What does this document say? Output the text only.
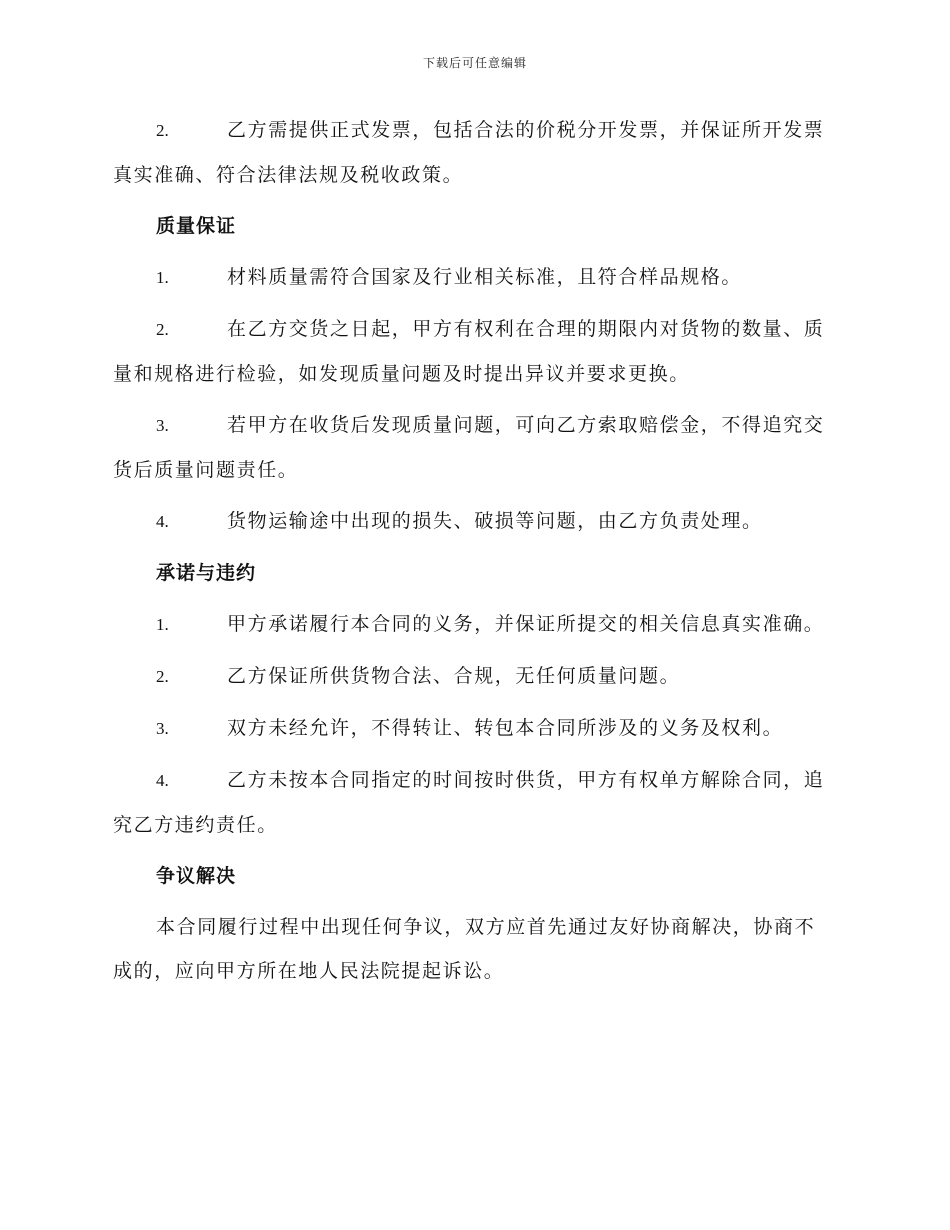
下载后可任意编辑

2.	乙方需提供正式发票，包括合法的价税分开发票，并保证所开发票真实准确、符合法律法规及税收政策。

质量保证

1.	材料质量需符合国家及行业相关标准，且符合样品规格。

2.	在乙方交货之日起，甲方有权利在合理的期限内对货物的数量、质量和规格进行检验，如发现质量问题及时提出异议并要求更换。

3.	若甲方在收货后发现质量问题，可向乙方索取赔偿金，不得追究交货后质量问题责任。

4.	货物运输途中出现的损失、破损等问题，由乙方负责处理。

承诺与违约

1.	甲方承诺履行本合同的义务，并保证所提交的相关信息真实准确。

2.	乙方保证所供货物合法、合规，无任何质量问题。

3.	双方未经允许，不得转让、转包本合同所涉及的义务及权利。

4.	乙方未按本合同指定的时间按时供货，甲方有权单方解除合同，追究乙方违约责任。

争议解决

本合同履行过程中出现任何争议，双方应首先通过友好协商解决，协商不成的，应向甲方所在地人民法院提起诉讼。
